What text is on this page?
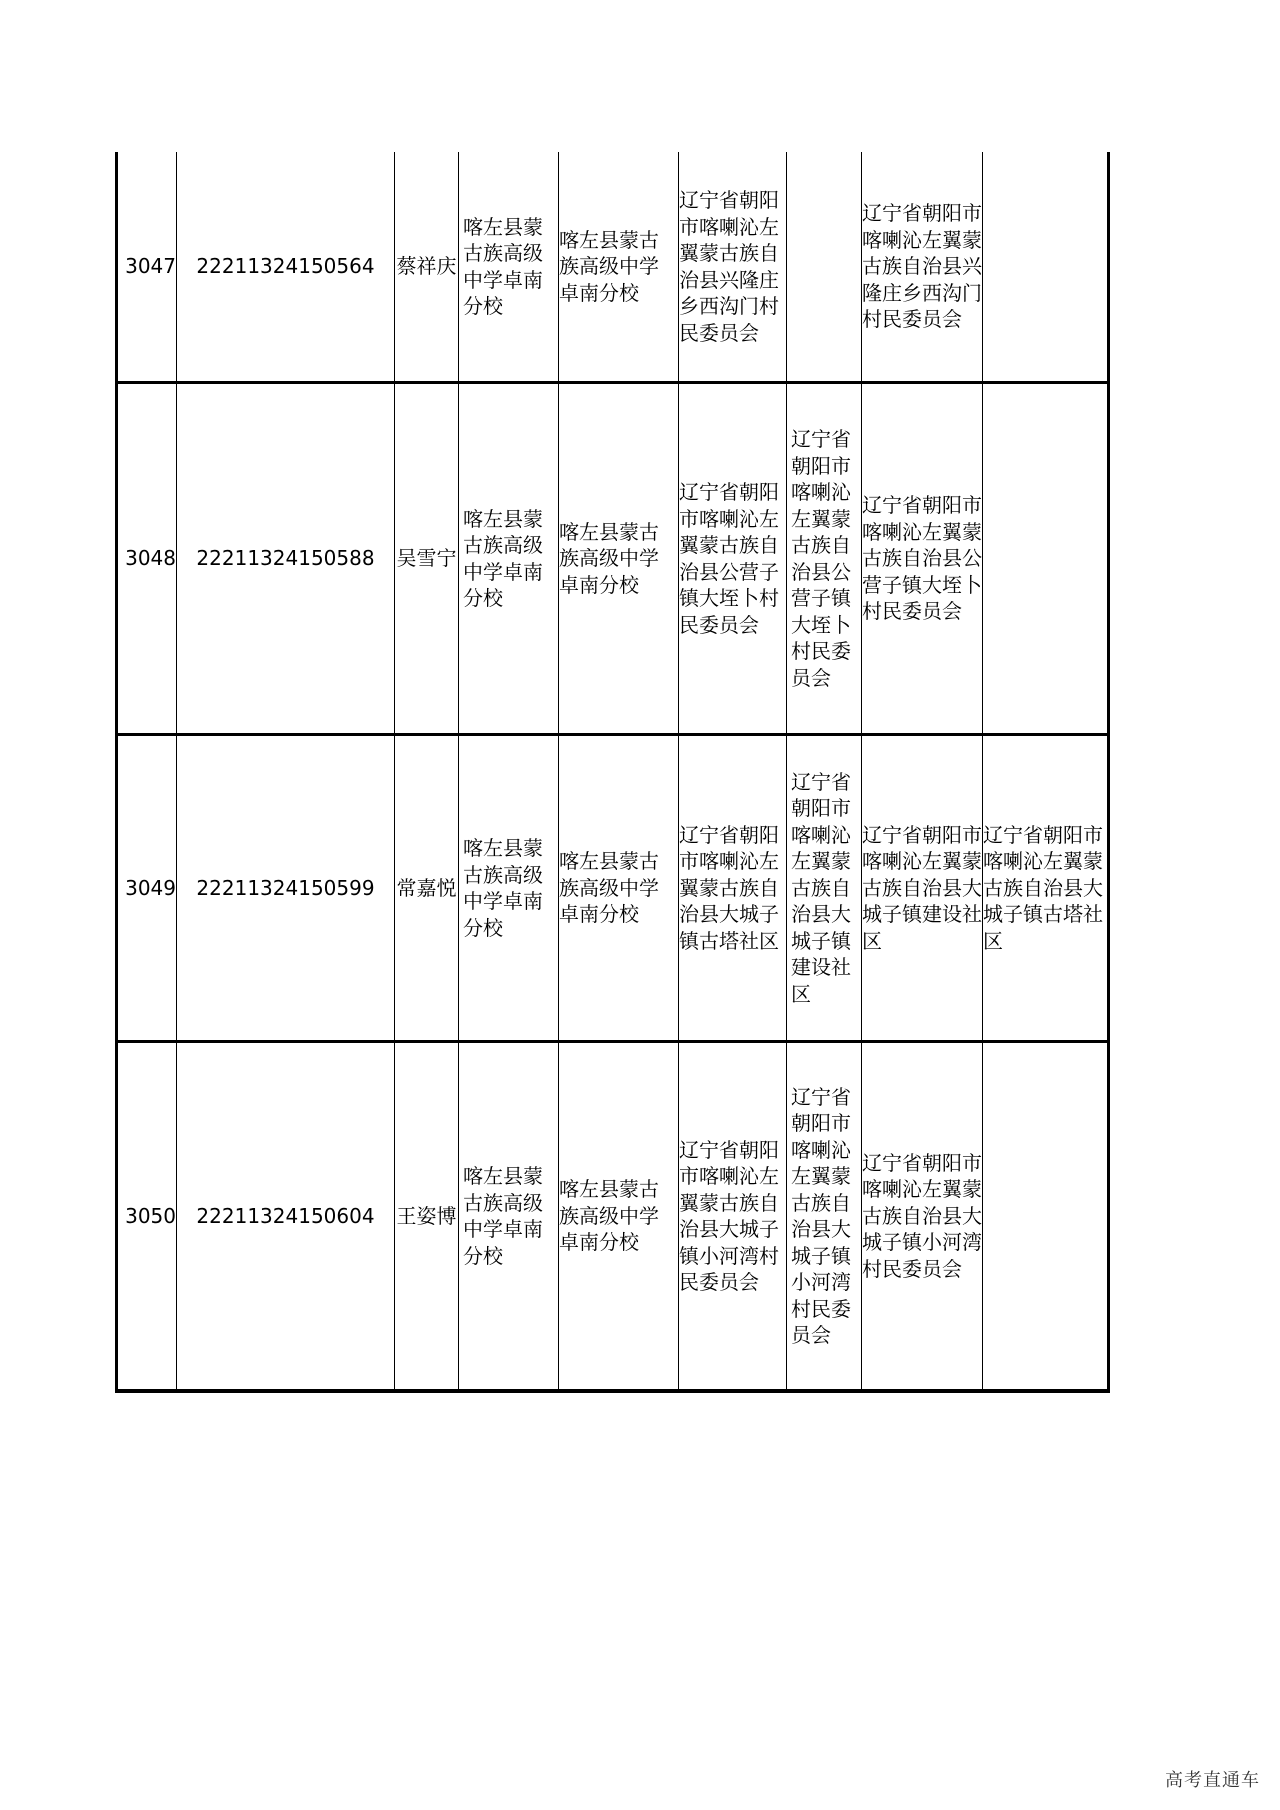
3047	22211324150564	蔡祥庆	喀左县蒙古族高级中学卓南分校	喀左县蒙古族高级中学卓南分校	辽宁省朝阳市喀喇沁左翼蒙古族自治县兴隆庄乡西沟门村民委员会		辽宁省朝阳市喀喇沁左翼蒙古族自治县兴隆庄乡西沟门村民委员会	
3048	22211324150588	吴雪宁	喀左县蒙古族高级中学卓南分校	喀左县蒙古族高级中学卓南分校	辽宁省朝阳市喀喇沁左翼蒙古族自治县公营子镇大垤卜村民委员会	辽宁省朝阳市喀喇沁左翼蒙古族自治县公营子镇大垤卜村民委员会	辽宁省朝阳市喀喇沁左翼蒙古族自治县公营子镇大垤卜村民委员会	
3049	22211324150599	常嘉悦	喀左县蒙古族高级中学卓南分校	喀左县蒙古族高级中学卓南分校	辽宁省朝阳市喀喇沁左翼蒙古族自治县大城子镇古塔社区	辽宁省朝阳市喀喇沁左翼蒙古族自治县大城子镇建设社区	辽宁省朝阳市喀喇沁左翼蒙古族自治县大城子镇建设社区	辽宁省朝阳市喀喇沁左翼蒙古族自治县大城子镇古塔社区
3050	22211324150604	王姿博	喀左县蒙古族高级中学卓南分校	喀左县蒙古族高级中学卓南分校	辽宁省朝阳市喀喇沁左翼蒙古族自治县大城子镇小河湾村民委员会	辽宁省朝阳市喀喇沁左翼蒙古族自治县大城子镇小河湾村民委员会	辽宁省朝阳市喀喇沁左翼蒙古族自治县大城子镇小河湾村民委员会	
高考直通车
